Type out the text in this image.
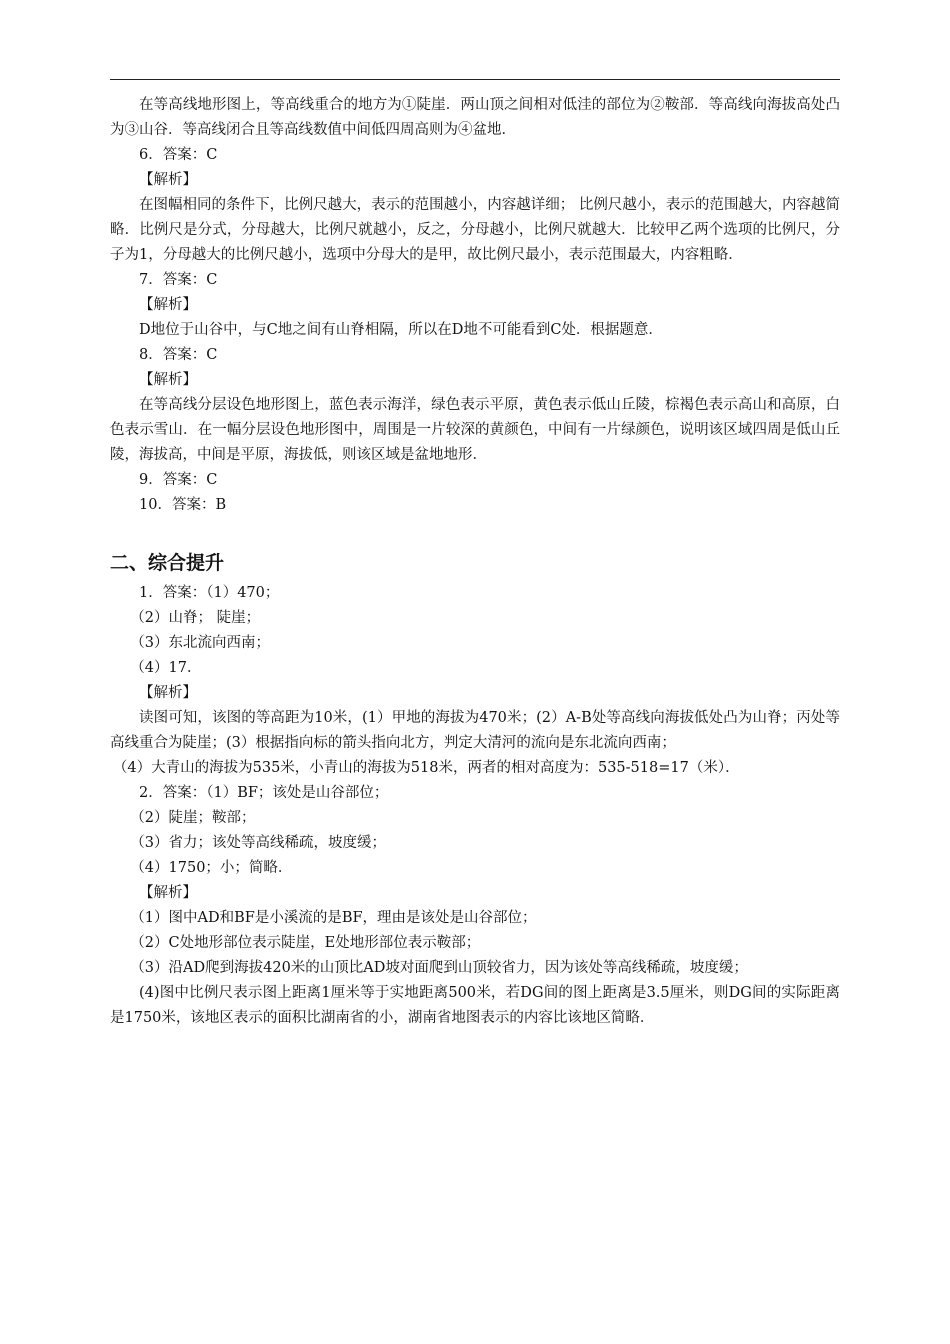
在等高线地形图上，等高线重合的地方为①陡崖．两山顶之间相对低洼的部位为②鞍部．等高线向海拔高处凸为③山谷．等高线闭合且等高线数值中间低四周高则为④盆地．

6．答案：C

【解析】

在图幅相同的条件下，比例尺越大，表示的范围越小，内容越详细； 比例尺越小，表示的范围越大，内容越简略．比例尺是分式，分母越大，比例尺就越小，反之，分母越小，比例尺就越大．比较甲乙两个选项的比例尺，分子为1，分母越大的比例尺越小，选项中分母大的是甲，故比例尺最小，表示范围最大，内容粗略．

7．答案：C

【解析】

D地位于山谷中，与C地之间有山脊相隔，所以在D地不可能看到C处．根据题意．

8．答案：C

【解析】

在等高线分层设色地形图上，蓝色表示海洋，绿色表示平原，黄色表示低山丘陵，棕褐色表示高山和高原，白色表示雪山．在一幅分层设色地形图中，周围是一片较深的黄颜色，中间有一片绿颜色，说明该区域四周是低山丘陵，海拔高，中间是平原，海拔低，则该区域是盆地地形．

9．答案：C

10．答案：B

二、综合提升

1．答案：（1）470；

（2）山脊； 陡崖；

（3）东北流向西南；

（4）17．

【解析】

读图可知，该图的等高距为10米，(1）甲地的海拔为470米；(2）A-B处等高线向海拔低处凸为山脊；丙处等高线重合为陡崖；(3）根据指向标的箭头指向北方，判定大清河的流向是东北流向西南；

（4）大青山的海拔为535米，小青山的海拔为518米，两者的相对高度为：535-518=17（米）．

2．答案：（1）BF；该处是山谷部位；

（2）陡崖；鞍部；

（3）省力；该处等高线稀疏，坡度缓；

（4）1750；小；简略．

【解析】

（1）图中AD和BF是小溪流的是BF，理由是该处是山谷部位；

（2）C处地形部位表示陡崖，E处地形部位表示鞍部；

（3）沿AD爬到海拔420米的山顶比AD坡对面爬到山顶较省力，因为该处等高线稀疏，坡度缓；

(4)图中比例尺表示图上距离1厘米等于实地距离500米，若DG间的图上距离是3.5厘米，则DG间的实际距离是1750米，该地区表示的面积比湖南省的小，湖南省地图表示的内容比该地区简略．
